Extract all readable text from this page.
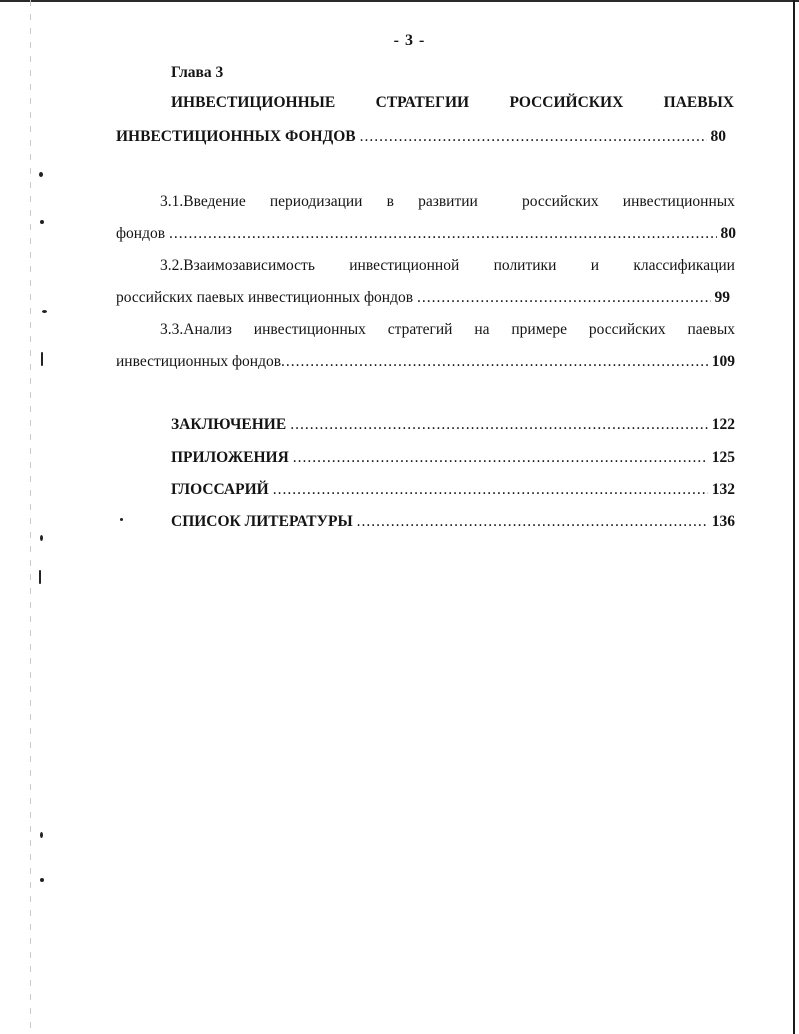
- 3 -
Глава 3
ИНВЕСТИЦИОННЫЕ	СТРАТЕГИИ	РОССИЙСКИХ	ПАЕВЫХ
ИНВЕСТИЦИОННЫХ ФОНДОВ .....	80
3.1.Введение периодизации в развитии	российских инвестиционных
фондов .....	80
3.2.Взаимозависимость инвестиционной политики и классификации
российских паевых инвестиционных фондов .....	99
3.3.Анализ инвестиционных стратегий на примере российских паевых
инвестиционных фондов .....	109
ЗАКЛЮЧЕНИЕ .....	122
ПРИЛОЖЕНИЯ .....	125
ГЛОССАРИЙ .....	132
СПИСОК ЛИТЕРАТУРЫ .....	136
